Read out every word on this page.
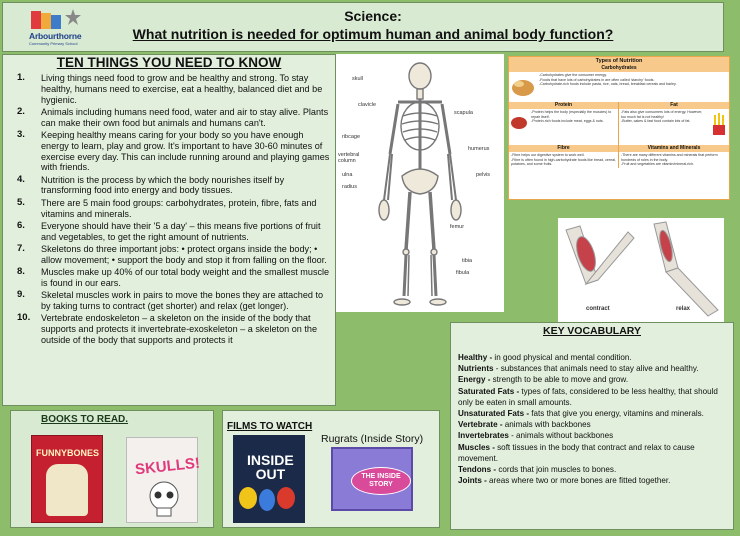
Arbourthorne
Community Primary School
Science:
What nutrition is needed for optimum human and animal body function?
TEN THINGS YOU NEED TO KNOW
1.	Living things need food to grow and be healthy and strong. To stay healthy, humans need to exercise, eat a healthy, balanced diet and be hygienic.
2.	Animals including humans need food, water and air to stay alive. Plants can make their own food but animals and humans can't.
3.	Keeping healthy means caring for your body so you have enough energy to learn, play and grow. It's important to have 30-60 minutes of exercise every day. This can include running around and playing games with friends.
4.	Nutrition is the process by which the body nourishes itself by transforming food into energy and body tissues.
5.	There are 5 main food groups: carbohydrates, protein, fibre, fats and vitamins and minerals.
6.	Everyone should have their '5 a day' – this means five portions of fruit and vegetables, to get the right amount of nutrients.
7.	Skeletons do three important jobs: • protect organs inside the body; • allow movement; • support the body and stop it from falling on the floor.
8.	Muscles make up 40% of our total body weight and the smallest muscle is found in our ears.
9.	Skeletal muscles work in pairs to move the bones they are attached to by taking turns to contract (get shorter) and relax (get longer).
10.	Vertebrate endoskeleton – a skeleton on the inside of the body that supports and protects it invertebrate-exoskeleton – a skeleton on the outside of the body that supports and protects it
skull
clavicle
ribcage
vertebral column
ulna
radius
scapula
humerus
pelvis
femur
tibia
fibula
Types of Nutrition
Carbohydrates
-Carbohydrates give the consumer energy.
-Foods that have lots of carbohydrates in are often called 'starchy' foods.
-Carbohydrate-rich foods include pasta, rice, oats, bread, breakfast cereals and barley.
Protein
-Protein helps the body (especially the muscles) to repair itself.
-Protein-rich foods include meat, eggs & nuts.
Fat
-Fats also give consumers lots of energy. However, too much fat is not healthy!
-Butter, cakes & fast food contain lots of fat.
Fibre
-Fibre helps our digestive system to work well.
-Fibre is often found in high-carbohydrate foods like bread, cereal, potatoes, and some fruits.
Vitamins and Minerals
-There are many different vitamins and minerals that perform hundreds of roles in the body.
-Fruit and vegetables are vitamin/mineral-rich.
contract	relax
KEY VOCABULARY
Healthy - in good physical and mental condition.
Nutrients - substances that animals need to stay alive and healthy.
Energy - strength to be able to move and grow.
Saturated Fats - types of fats, considered to be less healthy, that should only be eaten in small amounts.
Unsaturated Fats - fats that give you energy, vitamins and minerals.
Vertebrate - animals with backbones
Invertebrates - animals without backbones
Muscles - soft tissues in the body that contract and relax to cause movement.
Tendons - cords that join muscles to bones.
Joints - areas where two or more bones are fitted together.
BOOKS TO READ.
FUNNYBONES
SKULLS!
FILMS TO WATCH
INSIDE
OUT
Rugrats (Inside Story)
THE INSIDE STORY
